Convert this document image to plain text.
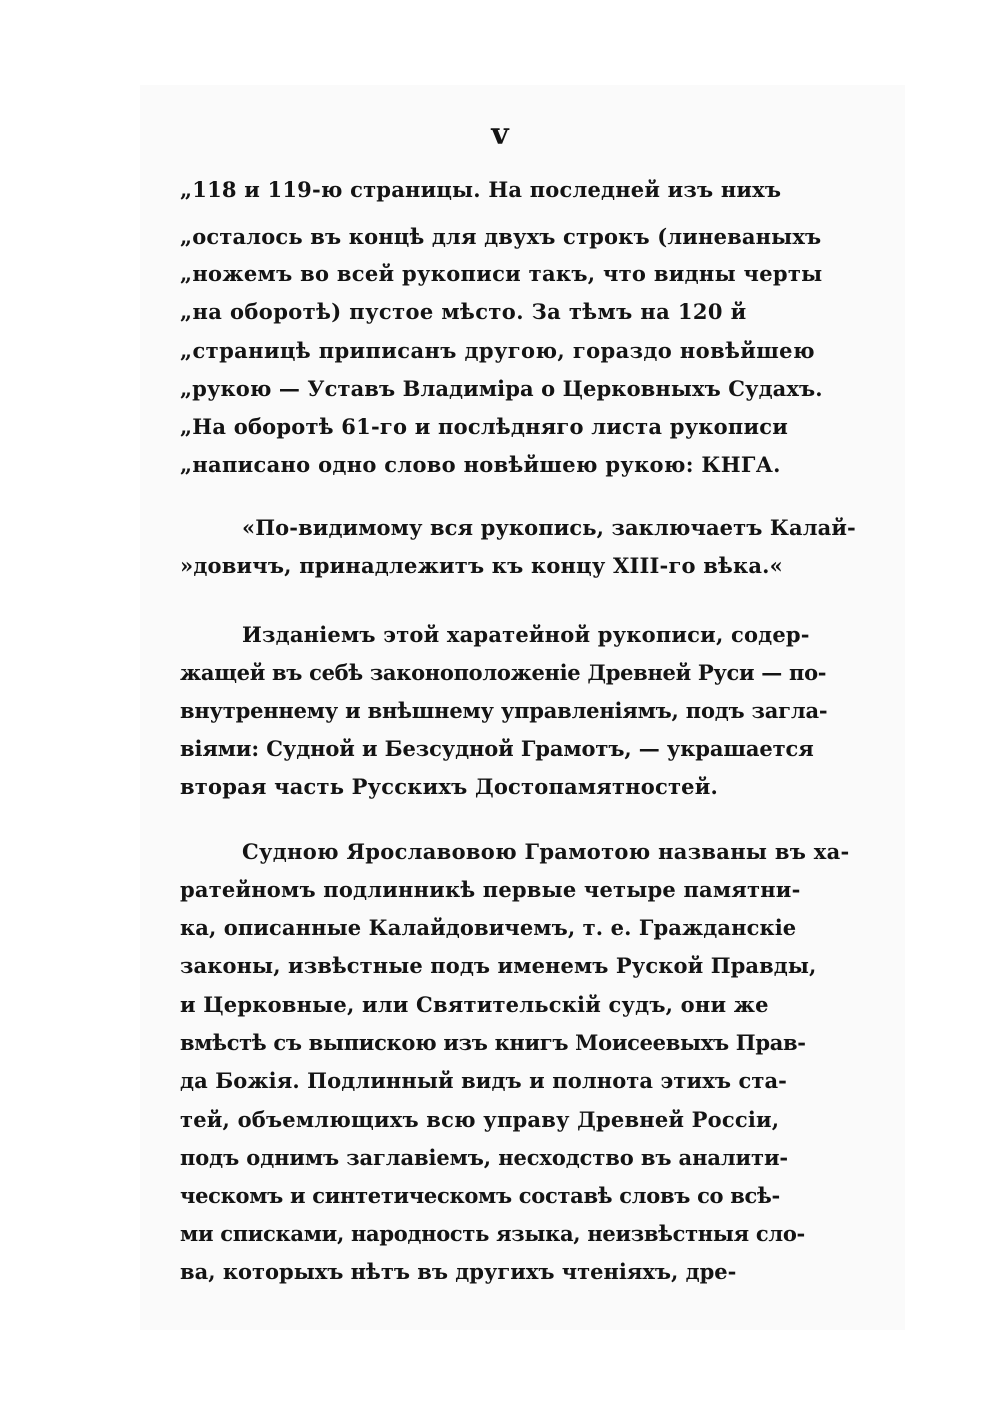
v
„118 и 119-ю страницы. На последней изъ нихъ
„осталось въ концѣ для двухъ строкъ (линеваныхъ
„ножемъ во всей рукописи такъ, что видны черты
„на оборотѣ) пустое мѣсто. За тѣмъ на 120 й
„страницѣ приписанъ другою, гораздо новѣйшею
„рукою — Уставъ Владиміра о Церковныхъ Судахъ.
„На оборотѣ 61-го и послѣдняго листа рукописи
„написано одно слово новѣйшею рукою: КНГА.
«По-видимому вся рукопись, заключаетъ Калай-
»довичъ, принадлежитъ къ концу XIII-го вѣка.«
Изданіемъ этой харатейной рукописи, содер-
жащей въ себѣ законоположеніе Древней Руси — по-
внутреннему и внѣшнему управленіямъ, подъ загла-
віями: Судной и Безсудной Грамотъ, — украшается
вторая часть Русскихъ Достопамятностей.
Судною Ярославовою Грамотою названы въ ха-
ратейномъ подлинникѣ первые четыре памятни-
ка, описанные Калайдовичемъ, т. е. Гражданскіе
законы, извѣстные подъ именемъ Руской Правды,
и Церковные, или Святительскій судъ, они же
вмѣстѣ съ выпискою изъ книгъ Моисеевыхъ Прав-
да Божія. Подлинный видъ и полнота этихъ ста-
тей, объемлющихъ всю управу Древней Россіи,
подъ однимъ заглавіемъ, несходство въ аналити-
ческомъ и синтетическомъ составѣ словъ со всѣ-
ми списками, народность языка, неизвѣстныя сло-
ва, которыхъ нѣтъ въ другихъ чтеніяхъ, дре-
